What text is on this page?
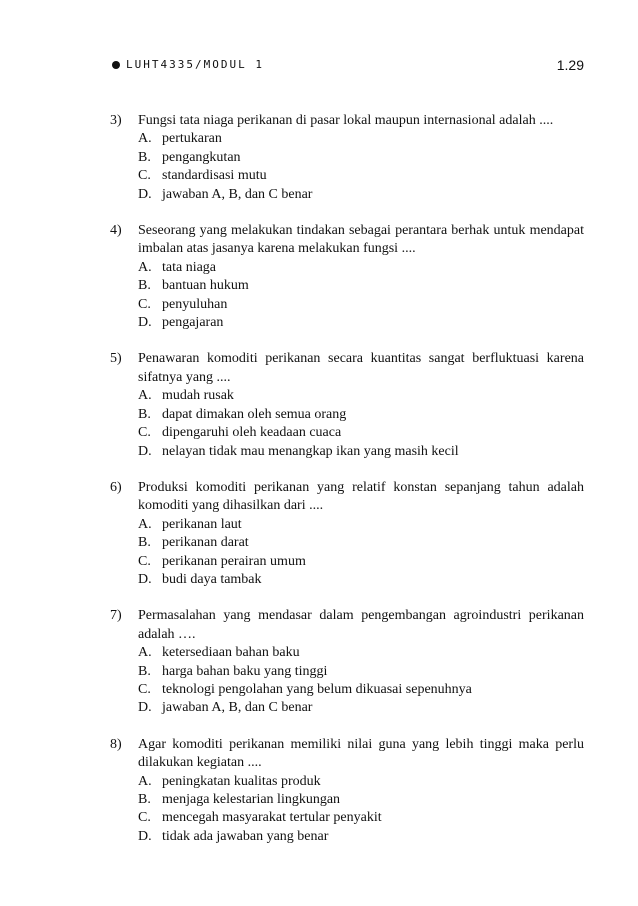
LUHT4335/MODUL 1	1.29
3) Fungsi tata niaga perikanan di pasar lokal maupun internasional adalah ....
A. pertukaran
B. pengangkutan
C. standardisasi mutu
D. jawaban A, B, dan C benar
4) Seseorang yang melakukan tindakan sebagai perantara berhak untuk mendapat imbalan atas jasanya karena melakukan fungsi ....
A. tata niaga
B. bantuan hukum
C. penyuluhan
D. pengajaran
5) Penawaran komoditi perikanan secara kuantitas sangat berfluktuasi karena sifatnya yang ....
A. mudah rusak
B. dapat dimakan oleh semua orang
C. dipengaruhi oleh keadaan cuaca
D. nelayan tidak mau menangkap ikan yang masih kecil
6) Produksi komoditi perikanan yang relatif konstan sepanjang tahun adalah komoditi yang dihasilkan dari ....
A. perikanan laut
B. perikanan darat
C. perikanan perairan umum
D. budi daya tambak
7) Permasalahan yang mendasar dalam pengembangan agroindustri perikanan adalah ….
A. ketersediaan bahan baku
B. harga bahan baku yang tinggi
C. teknologi pengolahan yang belum dikuasai sepenuhnya
D. jawaban A, B, dan C benar
8) Agar komoditi perikanan memiliki nilai guna yang lebih tinggi maka perlu dilakukan kegiatan ....
A. peningkatan kualitas produk
B. menjaga kelestarian lingkungan
C. mencegah masyarakat tertular penyakit
D. tidak ada jawaban yang benar
